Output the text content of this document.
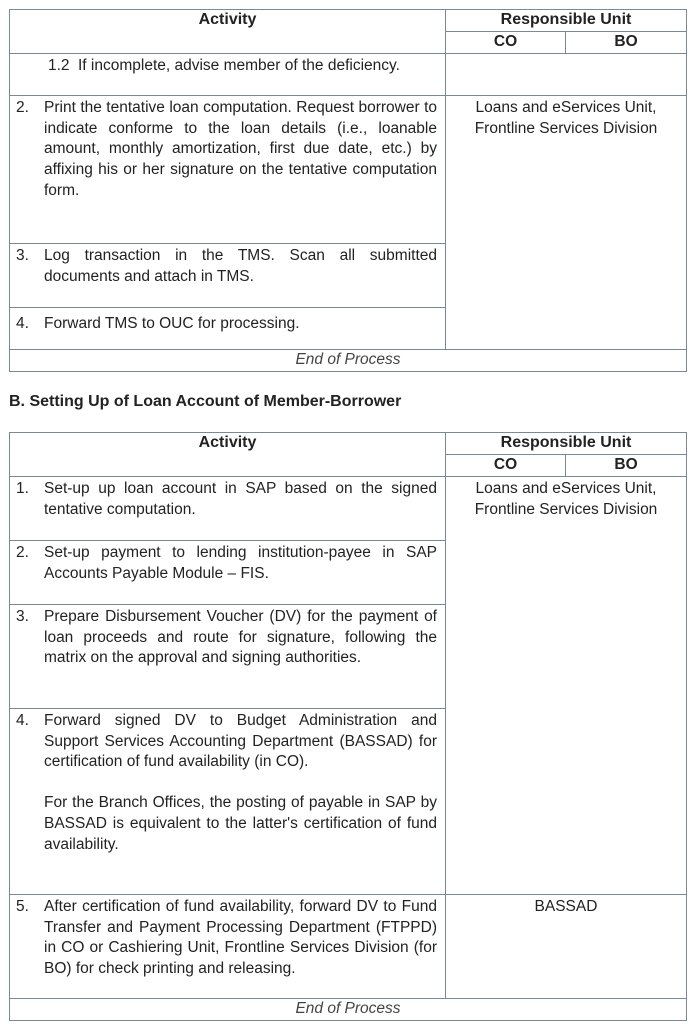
Activity	Responsible Unit	
	CO	BO

1.2 If incomplete, advise member of the deficiency.		

2. Print the tentative loan computation. Request borrower to indicate conforme to the loan details (i.e., loanable amount, monthly amortization, first due date, etc.) by affixing his or her signature on the tentative computation form.	Loans and eServices Unit, Frontline Services Division	

3. Log transaction in the TMS. Scan all submitted documents and attach in TMS.		

4. Forward TMS to OUC for processing.		

End of Process		
B. Setting Up of Loan Account of Member-Borrower
Activity	Responsible Unit	
	CO	BO

1. Set-up up loan account in SAP based on the signed tentative computation.	Loans and eServices Unit, Frontline Services Division	

2. Set-up payment to lending institution-payee in SAP Accounts Payable Module – FIS.		

3. Prepare Disbursement Voucher (DV) for the payment of loan proceeds and route for signature, following the matrix on the approval and signing authorities.		

4. Forward signed DV to Budget Administration and Support Services Accounting Department (BASSAD) for certification of fund availability (in CO).

For the Branch Offices, the posting of payable in SAP by BASSAD is equivalent to the latter's certification of fund availability.		

5. After certification of fund availability, forward DV to Fund Transfer and Payment Processing Department (FTPPD) in CO or Cashiering Unit, Frontline Services Division (for BO) for check printing and releasing.	BASSAD	

End of Process		
